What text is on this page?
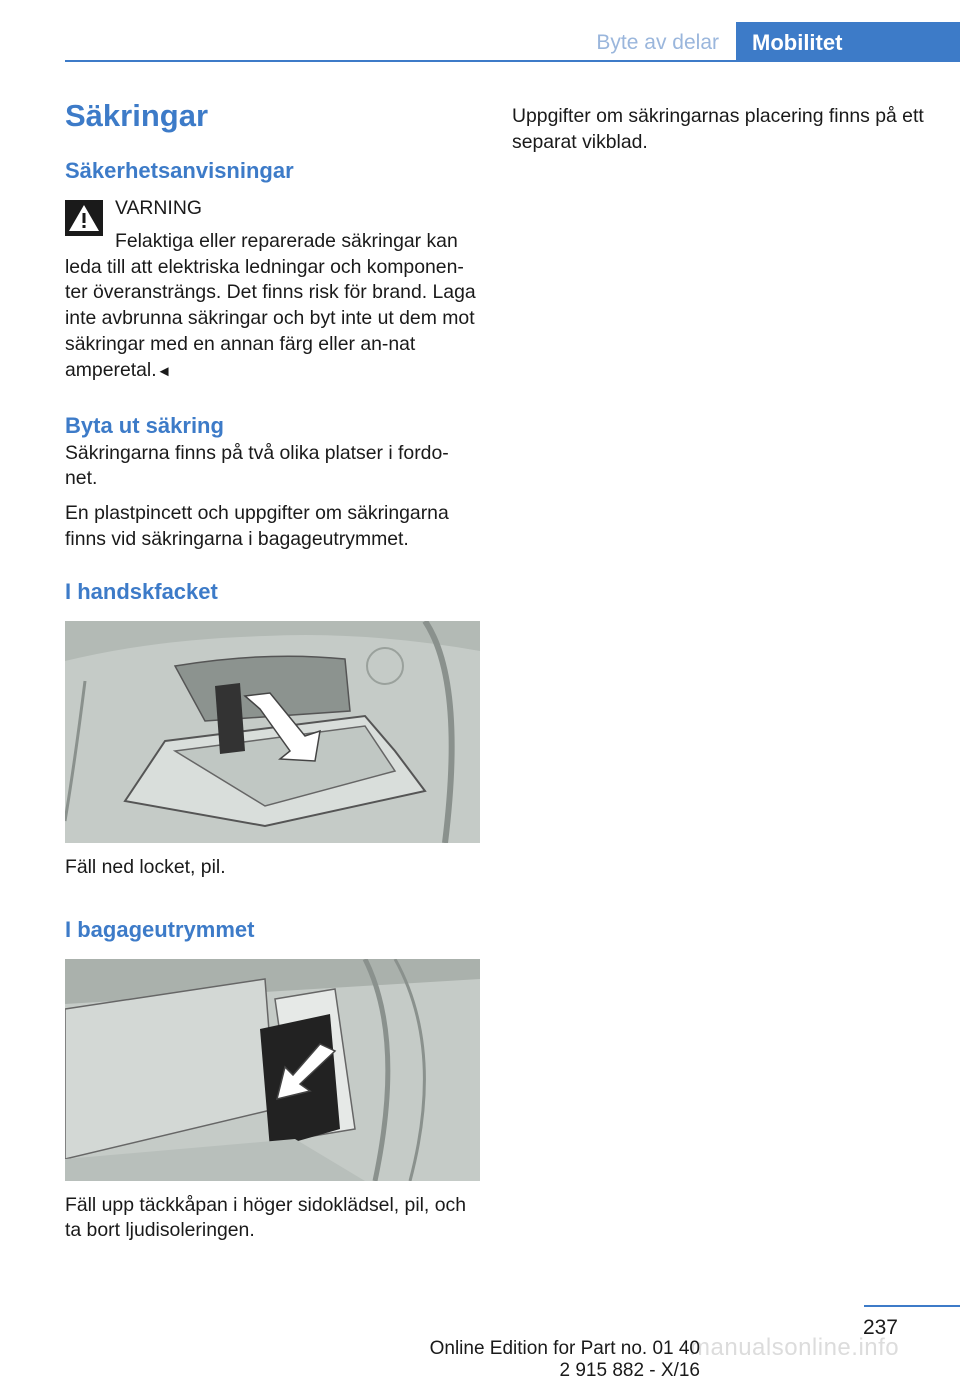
Byte av delar	Mobilitet
Säkringar
Säkerhetsanvisningar
VARNING
Felaktiga eller reparerade säkringar kan

leda till att elektriska ledningar och komponen-ter överansträngs. Det finns risk för brand. Laga inte avbrunna säkringar och byt inte ut dem mot säkringar med en annan färg eller an-nat amperetal.◄

Byta ut säkring

Säkringarna finns på två olika platser i fordo-net.

En plastpincett och uppgifter om säkringarna finns vid säkringarna i bagageutrymmet.

I handskfacket

Fäll ned locket, pil.

I bagageutrymmet

Fäll upp täckkåpan i höger sidoklädsel, pil, och ta bort ljudisoleringen.

Uppgifter om säkringarnas placering finns på ett separat vikblad.

237
manualsonline.info
Online Edition for Part no. 01 40 2 915 882 - X/16
